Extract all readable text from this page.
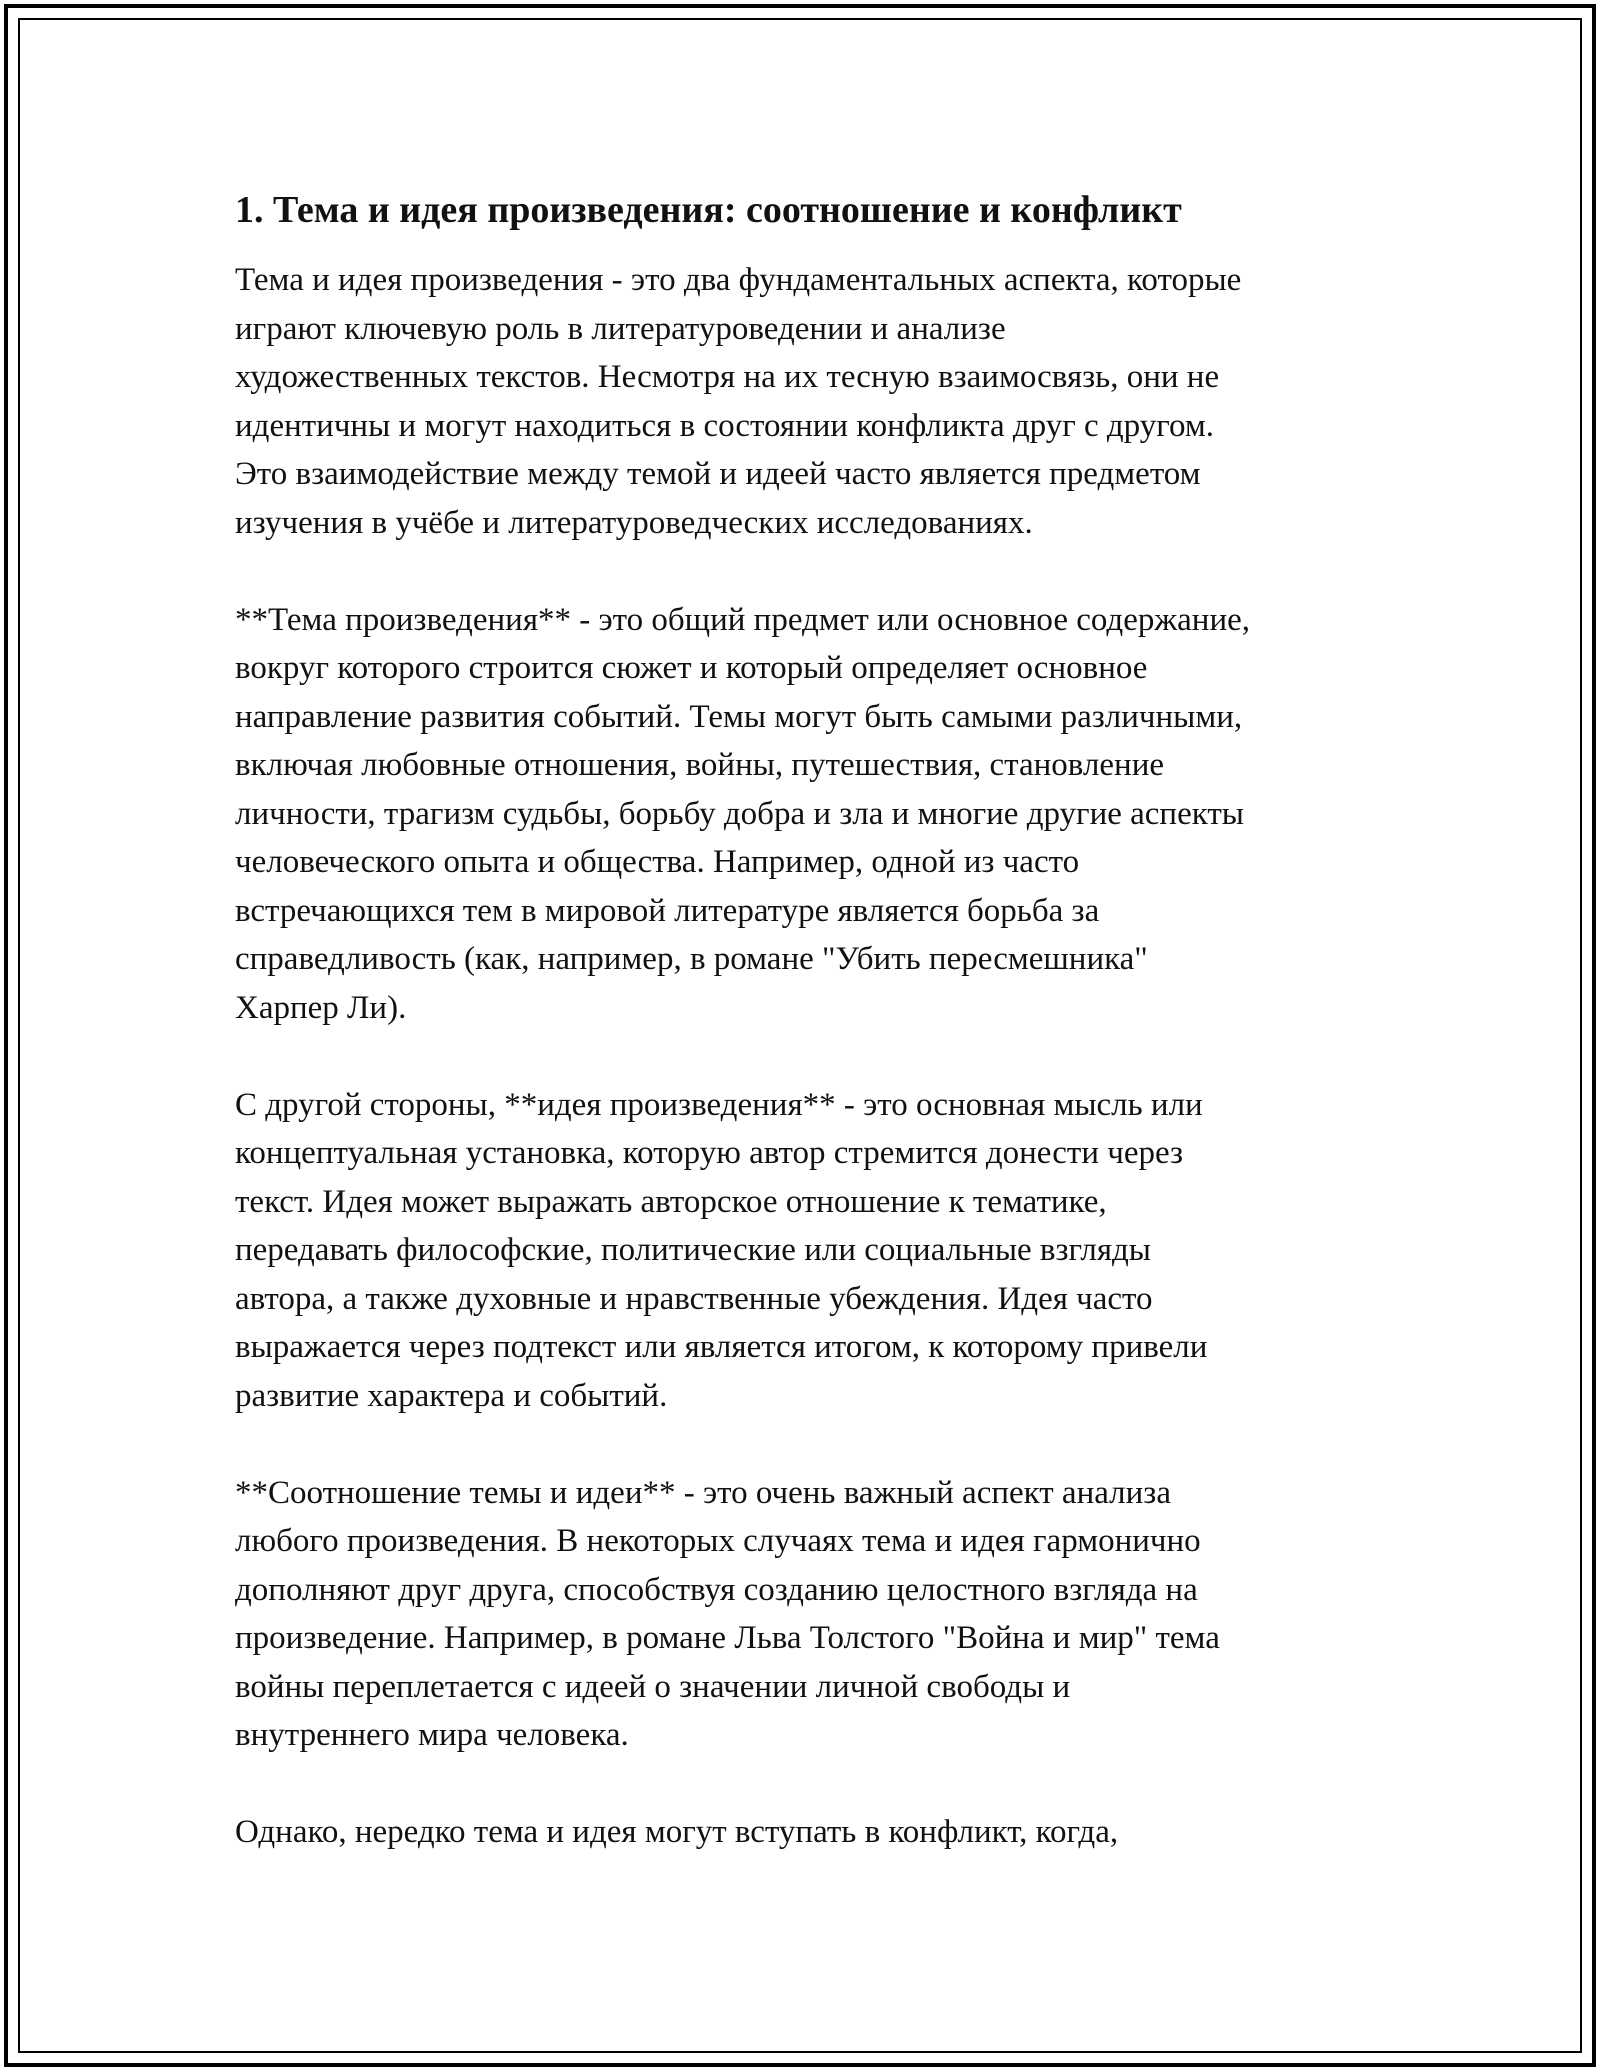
1. Тема и идея произведения: соотношение и конфликт
Тема и идея произведения - это два фундаментальных аспекта, которые
играют ключевую роль в литературоведении и анализе
художественных текстов. Несмотря на их тесную взаимосвязь, они не
идентичны и могут находиться в состоянии конфликта друг с другом.
Это взаимодействие между темой и идеей часто является предметом
изучения в учёбе и литературоведческих исследованиях.
**Тема произведения** - это общий предмет или основное содержание,
вокруг которого строится сюжет и который определяет основное
направление развития событий. Темы могут быть самыми различными,
включая любовные отношения, войны, путешествия, становление
личности, трагизм судьбы, борьбу добра и зла и многие другие аспекты
человеческого опыта и общества. Например, одной из часто
встречающихся тем в мировой литературе является борьба за
справедливость (как, например, в романе "Убить пересмешника"
Харпер Ли).
С другой стороны, **идея произведения** - это основная мысль или
концептуальная установка, которую автор стремится донести через
текст. Идея может выражать авторское отношение к тематике,
передавать философские, политические или социальные взгляды
автора, а также духовные и нравственные убеждения. Идея часто
выражается через подтекст или является итогом, к которому привели
развитие характера и событий.
**Соотношение темы и идеи** - это очень важный аспект анализа
любого произведения. В некоторых случаях тема и идея гармонично
дополняют друг друга, способствуя созданию целостного взгляда на
произведение. Например, в романе Льва Толстого "Война и мир" тема
войны переплетается с идеей о значении личной свободы и
внутреннего мира человека.
Однако, нередко тема и идея могут вступать в конфликт, когда,
